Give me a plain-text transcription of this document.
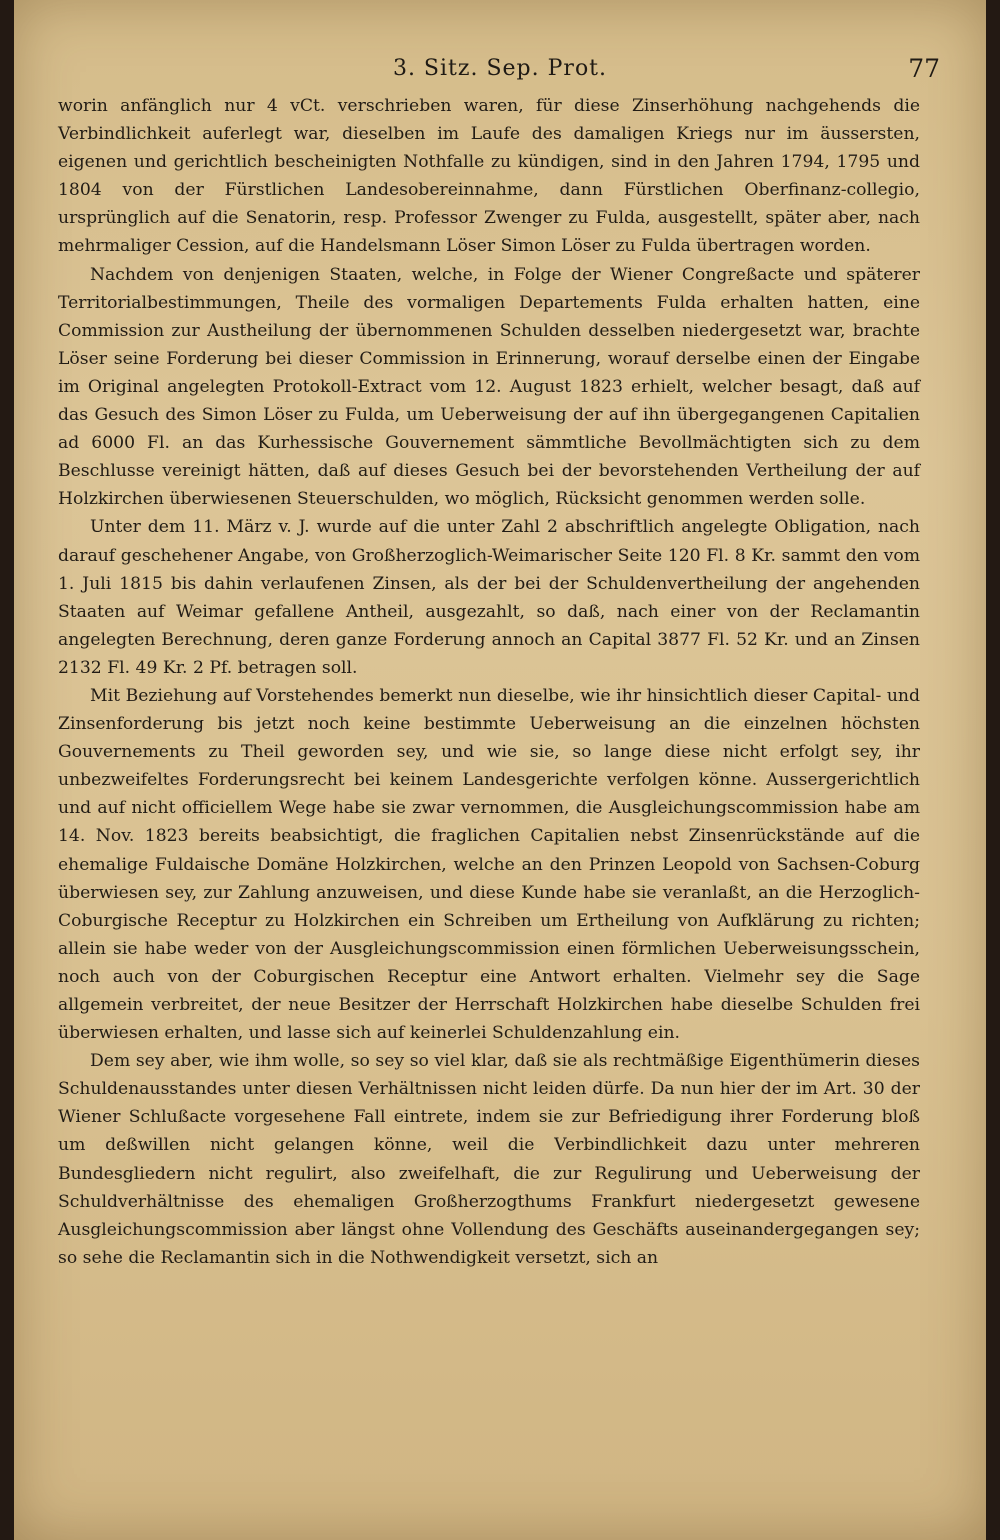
3. Sitz. Sep. Prot.	77

worin anfänglich nur 4 vCt. verschrieben waren, für diese Zinserhöhung nachgehends die Verbindlichkeit auferlegt war, dieselben im Laufe des damaligen Kriegs nur im äussersten, eigenen und gerichtlich bescheinigten Nothfalle zu kündigen, sind in den Jahren 1794, 1795 und 1804 von der Fürstlichen Landesobereinnahme, dann Fürstlichen Oberfinanz-collegio, ursprünglich auf die Senatorin, resp. Professor Zwenger zu Fulda, ausgestellt, später aber, nach mehrmaliger Cession, auf die Handelsmann Löser Simon Löser zu Fulda übertragen worden.

Nachdem von denjenigen Staaten, welche, in Folge der Wiener Congreßacte und späterer Territorialbestimmungen, Theile des vormaligen Departements Fulda erhalten hatten, eine Commission zur Austheilung der übernommenen Schulden desselben niedergesetzt war, brachte Löser seine Forderung bei dieser Commission in Erinnerung, worauf derselbe einen der Eingabe im Original angelegten Protokoll-Extract vom 12. August 1823 erhielt, welcher besagt, daß auf das Gesuch des Simon Löser zu Fulda, um Ueberweisung der auf ihn übergegangenen Capitalien ad 6000 Fl. an das Kurhessische Gouvernement sämmtliche Bevollmächtigten sich zu dem Beschlusse vereinigt hätten, daß auf dieses Gesuch bei der bevorstehenden Vertheilung der auf Holzkirchen überwiesenen Steuerschulden, wo möglich, Rücksicht genommen werden solle.

Unter dem 11. März v. J. wurde auf die unter Zahl 2 abschriftlich angelegte Obligation, nach darauf geschehener Angabe, von Großherzoglich-Weimarischer Seite 120 Fl. 8 Kr. sammt den vom 1. Juli 1815 bis dahin verlaufenen Zinsen, als der bei der Schuldenvertheilung der angehenden Staaten auf Weimar gefallene Antheil, ausgezahlt, so daß, nach einer von der Reclamantin angelegten Berechnung, deren ganze Forderung annoch an Capital 3877 Fl. 52 Kr. und an Zinsen 2132 Fl. 49 Kr. 2 Pf. betragen soll.

Mit Beziehung auf Vorstehendes bemerkt nun dieselbe, wie ihr hinsichtlich dieser Capital- und Zinsenforderung bis jetzt noch keine bestimmte Ueberweisung an die einzelnen höchsten Gouvernements zu Theil geworden sey, und wie sie, so lange diese nicht erfolgt sey, ihr unbezweifeltes Forderungsrecht bei keinem Landesgerichte verfolgen könne. Aussergerichtlich und auf nicht officiellem Wege habe sie zwar vernommen, die Ausgleichungscommission habe am 14. Nov. 1823 bereits beabsichtigt, die fraglichen Capitalien nebst Zinsenrückstände auf die ehemalige Fuldaische Domäne Holzkirchen, welche an den Prinzen Leopold von Sachsen-Coburg überwiesen sey, zur Zahlung anzuweisen, und diese Kunde habe sie veranlaßt, an die Herzoglich-Coburgische Receptur zu Holzkirchen ein Schreiben um Ertheilung von Aufklärung zu richten; allein sie habe weder von der Ausgleichungscommission einen förmlichen Ueberweisungsschein, noch auch von der Coburgischen Receptur eine Antwort erhalten. Vielmehr sey die Sage allgemein verbreitet, der neue Besitzer der Herrschaft Holzkirchen habe dieselbe Schulden frei überwiesen erhalten, und lasse sich auf keinerlei Schuldenzahlung ein.

Dem sey aber, wie ihm wolle, so sey so viel klar, daß sie als rechtmäßige Eigenthümerin dieses Schuldenausstandes unter diesen Verhältnissen nicht leiden dürfe. Da nun hier der im Art. 30 der Wiener Schlußacte vorgesehene Fall eintrete, indem sie zur Befriedigung ihrer Forderung bloß um deßwillen nicht gelangen könne, weil die Verbindlichkeit dazu unter mehreren Bundesgliedern nicht regulirt, also zweifelhaft, die zur Regulirung und Ueberweisung der Schuldverhältnisse des ehemaligen Großherzogthums Frankfurt niedergesetzt gewesene Ausgleichungscommission aber längst ohne Vollendung des Geschäfts auseinandergegangen sey; so sehe die Reclamantin sich in die Nothwendigkeit versetzt, sich an
